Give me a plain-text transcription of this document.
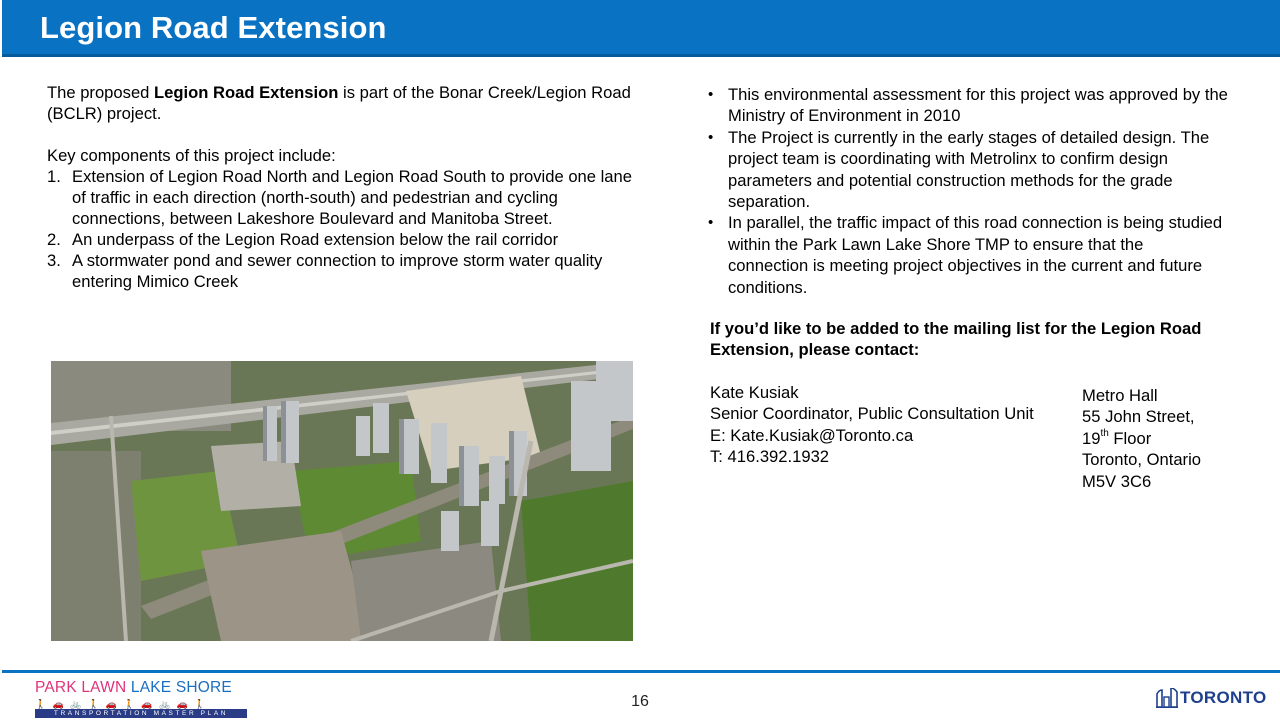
Legion Road Extension

The proposed Legion Road Extension is part of the Bonar Creek/Legion Road (BCLR) project.

Key components of this project include:

1. Extension of Legion Road North and Legion Road South to provide one lane of traffic in each direction (north-south) and pedestrian and cycling connections, between Lakeshore Boulevard and Manitoba Street.
2. An underpass of the Legion Road extension below the rail corridor
3. A stormwater pond and sewer connection to improve storm water quality entering Mimico Creek
• This environmental assessment for this project was approved by the Ministry of Environment in 2010
• The Project is currently in the early stages of detailed design. The project team is coordinating with Metrolinx to confirm design parameters and potential construction methods for the grade separation.
• In parallel, the traffic impact of this road connection is being studied within the Park Lawn Lake Shore TMP to ensure that the connection is meeting project objectives in the current and future conditions.
If you’d like to be added to the mailing list for the Legion Road Extension, please contact:
Kate Kusiak
Senior Coordinator, Public Consultation Unit
E: Kate.Kusiak@Toronto.ca
T: 416.392.1932
Metro Hall
55 John Street,
19th Floor
Toronto, Ontario
M5V 3C6
PARK LAWN LAKE SHORE
🚶 🚗 🚲 🚶 🚗 🚶 🚗 🚲 🚗 🚶
TRANSPORTATION MASTER PLAN
16	TORONTO
